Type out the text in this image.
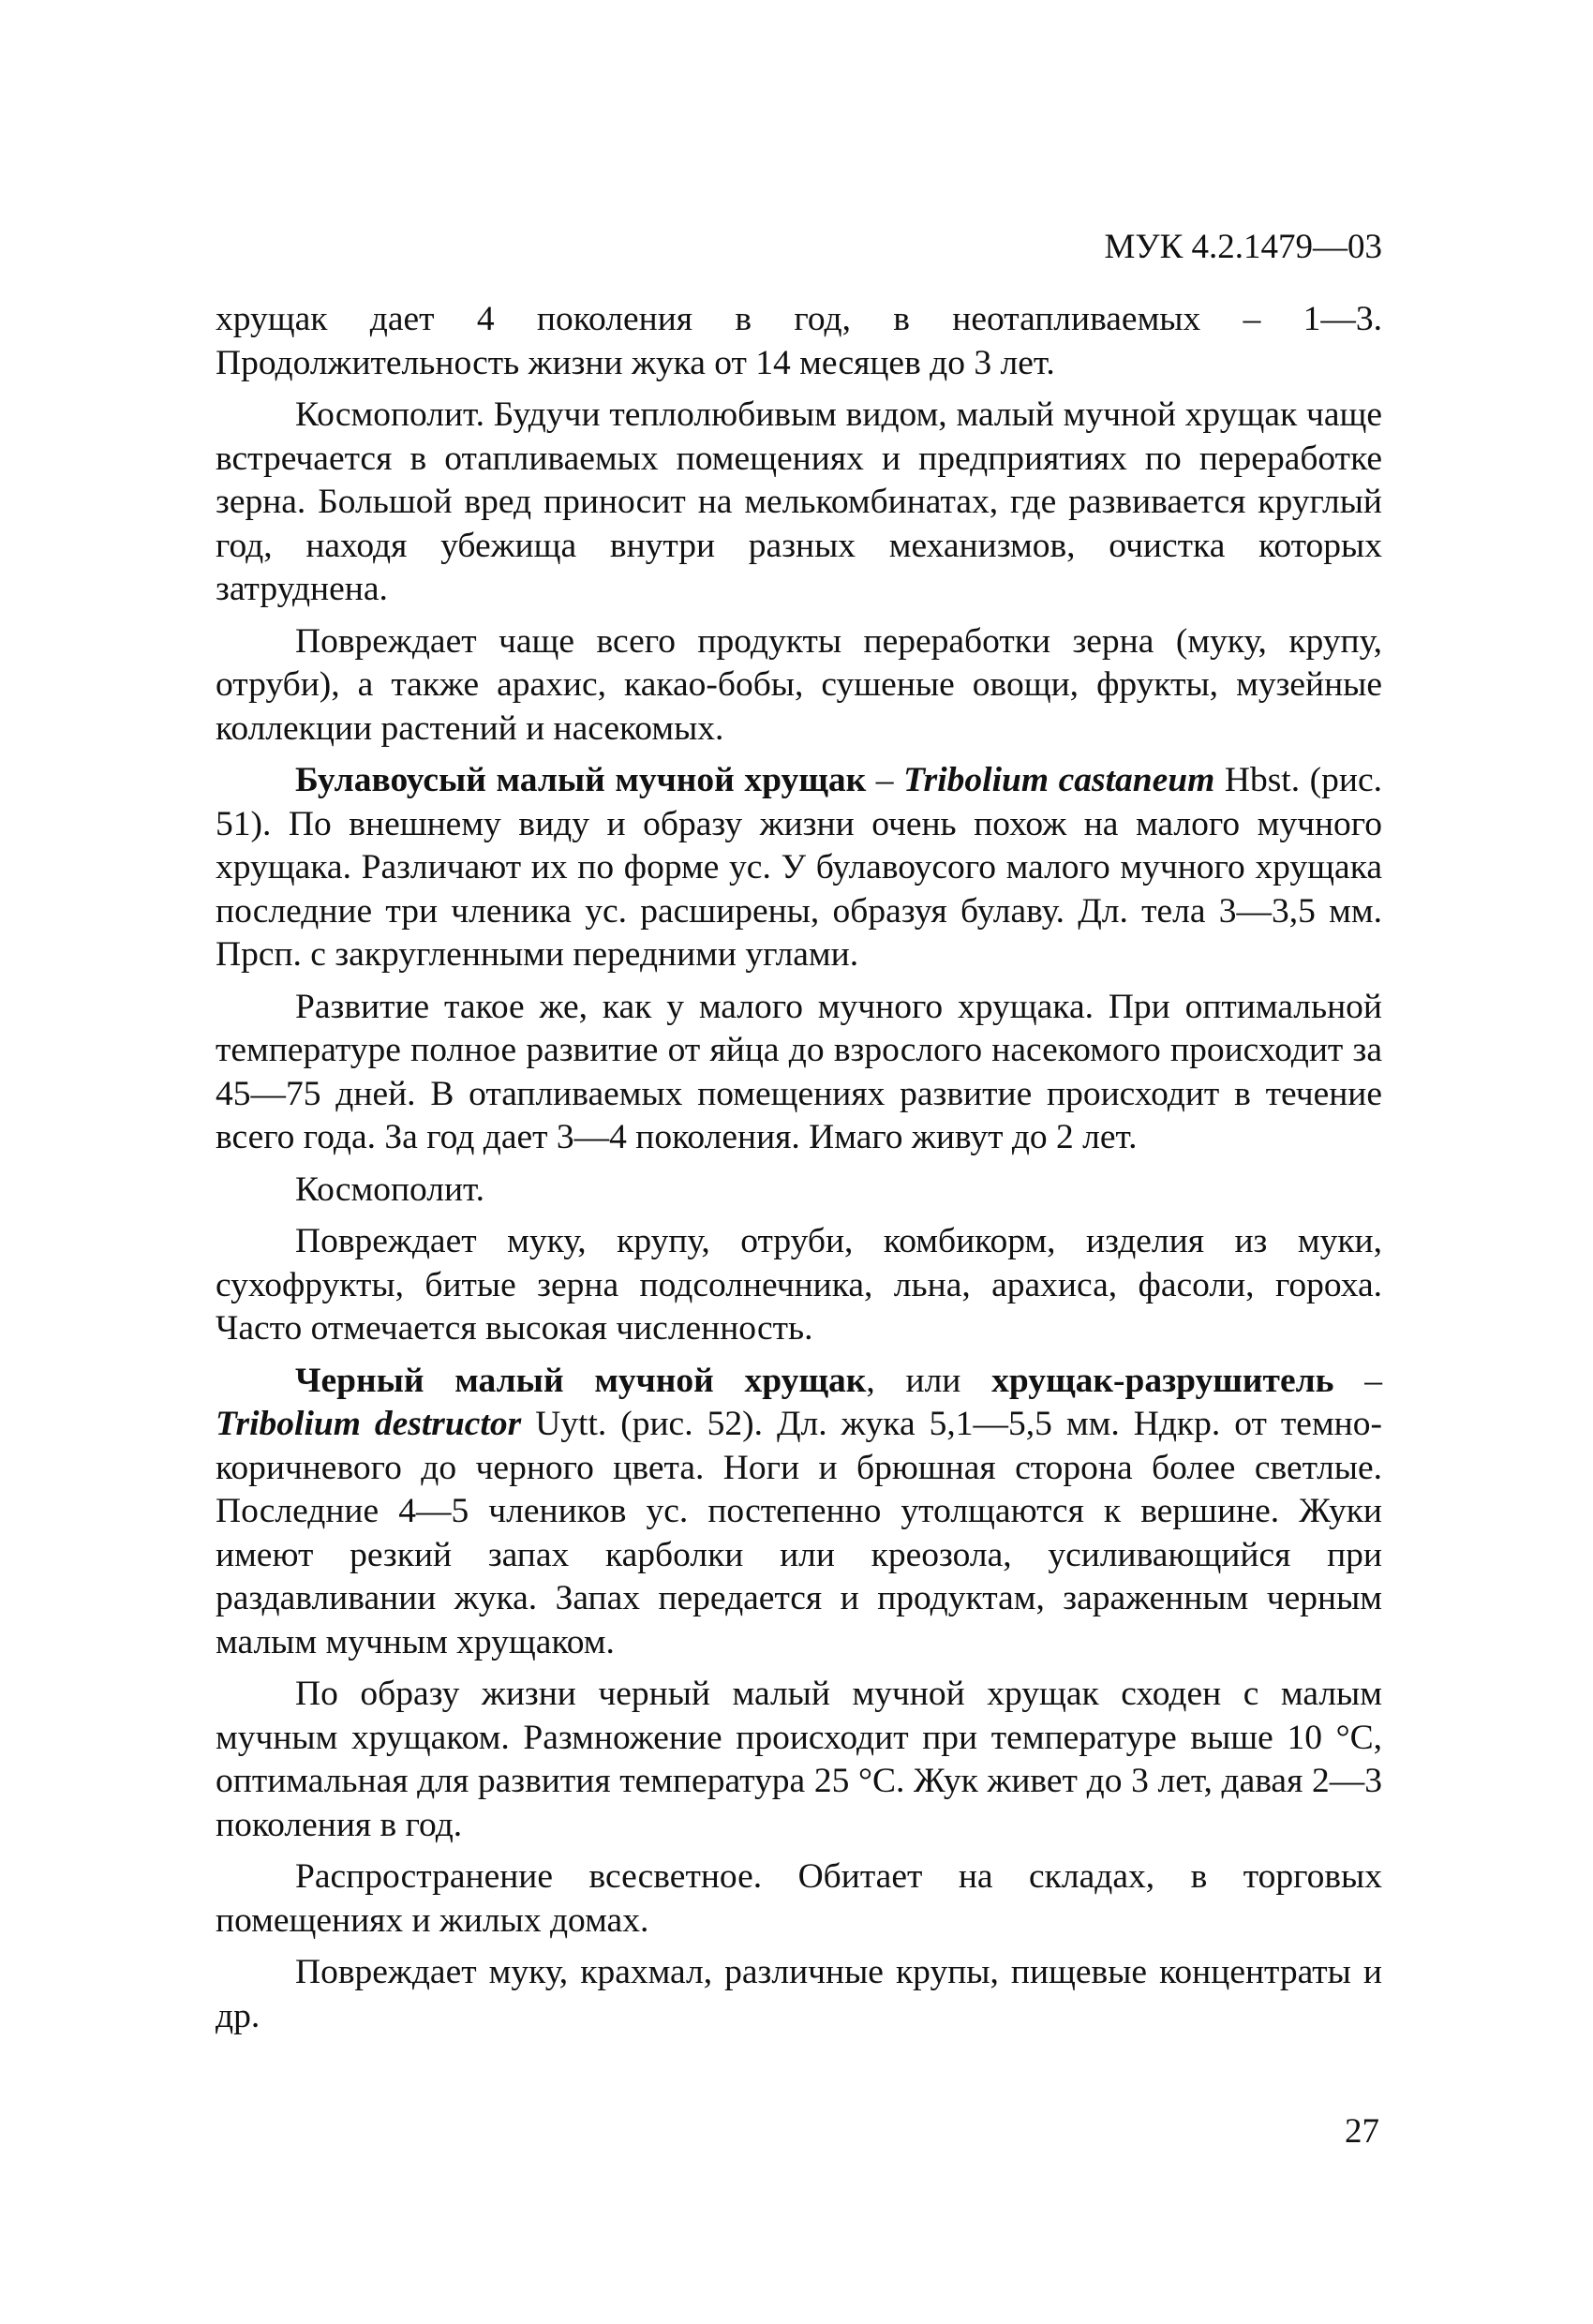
МУК 4.2.1479—03

хрущак дает 4 поколения в год, в неотапливаемых – 1—3. Продолжительность жизни жука от 14 месяцев до 3 лет.

Космополит. Будучи теплолюбивым видом, малый мучной хрущак чаще встречается в отапливаемых помещениях и предприятиях по переработке зерна. Большой вред приносит на мелькомбинатах, где развивается круглый год, находя убежища внутри разных механизмов, очистка которых затруднена.

Повреждает чаще всего продукты переработки зерна (муку, крупу, отруби), а также арахис, какао-бобы, сушеные овощи, фрукты, музейные коллекции растений и насекомых.

Булавоусый малый мучной хрущак – Tribolium castaneum Hbst. (рис. 51). По внешнему виду и образу жизни очень похож на малого мучного хрущака. Различают их по форме ус. У булавоусого малого мучного хрущака последние три членика ус. расширены, образуя булаву. Дл. тела 3—3,5 мм. Прсп. с закругленными передними углами.

Развитие такое же, как у малого мучного хрущака. При оптимальной температуре полное развитие от яйца до взрослого насекомого происходит за 45—75 дней. В отапливаемых помещениях развитие происходит в течение всего года. За год дает 3—4 поколения. Имаго живут до 2 лет.

Космополит.

Повреждает муку, крупу, отруби, комбикорм, изделия из муки, сухофрукты, битые зерна подсолнечника, льна, арахиса, фасоли, гороха. Часто отмечается высокая численность.

Черный малый мучной хрущак, или хрущак-разрушитель – Tribolium destructor Uytt. (рис. 52). Дл. жука 5,1—5,5 мм. Ндкр. от темно-коричневого до черного цвета. Ноги и брюшная сторона более светлые. Последние 4—5 члеников ус. постепенно утолщаются к вершине. Жуки имеют резкий запах карболки или креозола, усиливающийся при раздавливании жука. Запах передается и продуктам, зараженным черным малым мучным хрущаком.

По образу жизни черный малый мучной хрущак сходен с малым мучным хрущаком. Размножение происходит при температуре выше 10 °С, оптимальная для развития температура 25 °С. Жук живет до 3 лет, давая 2—3 поколения в год.

Распространение всесветное. Обитает на складах, в торговых помещениях и жилых домах.

Повреждает муку, крахмал, различные крупы, пищевые концентраты и др.

27
